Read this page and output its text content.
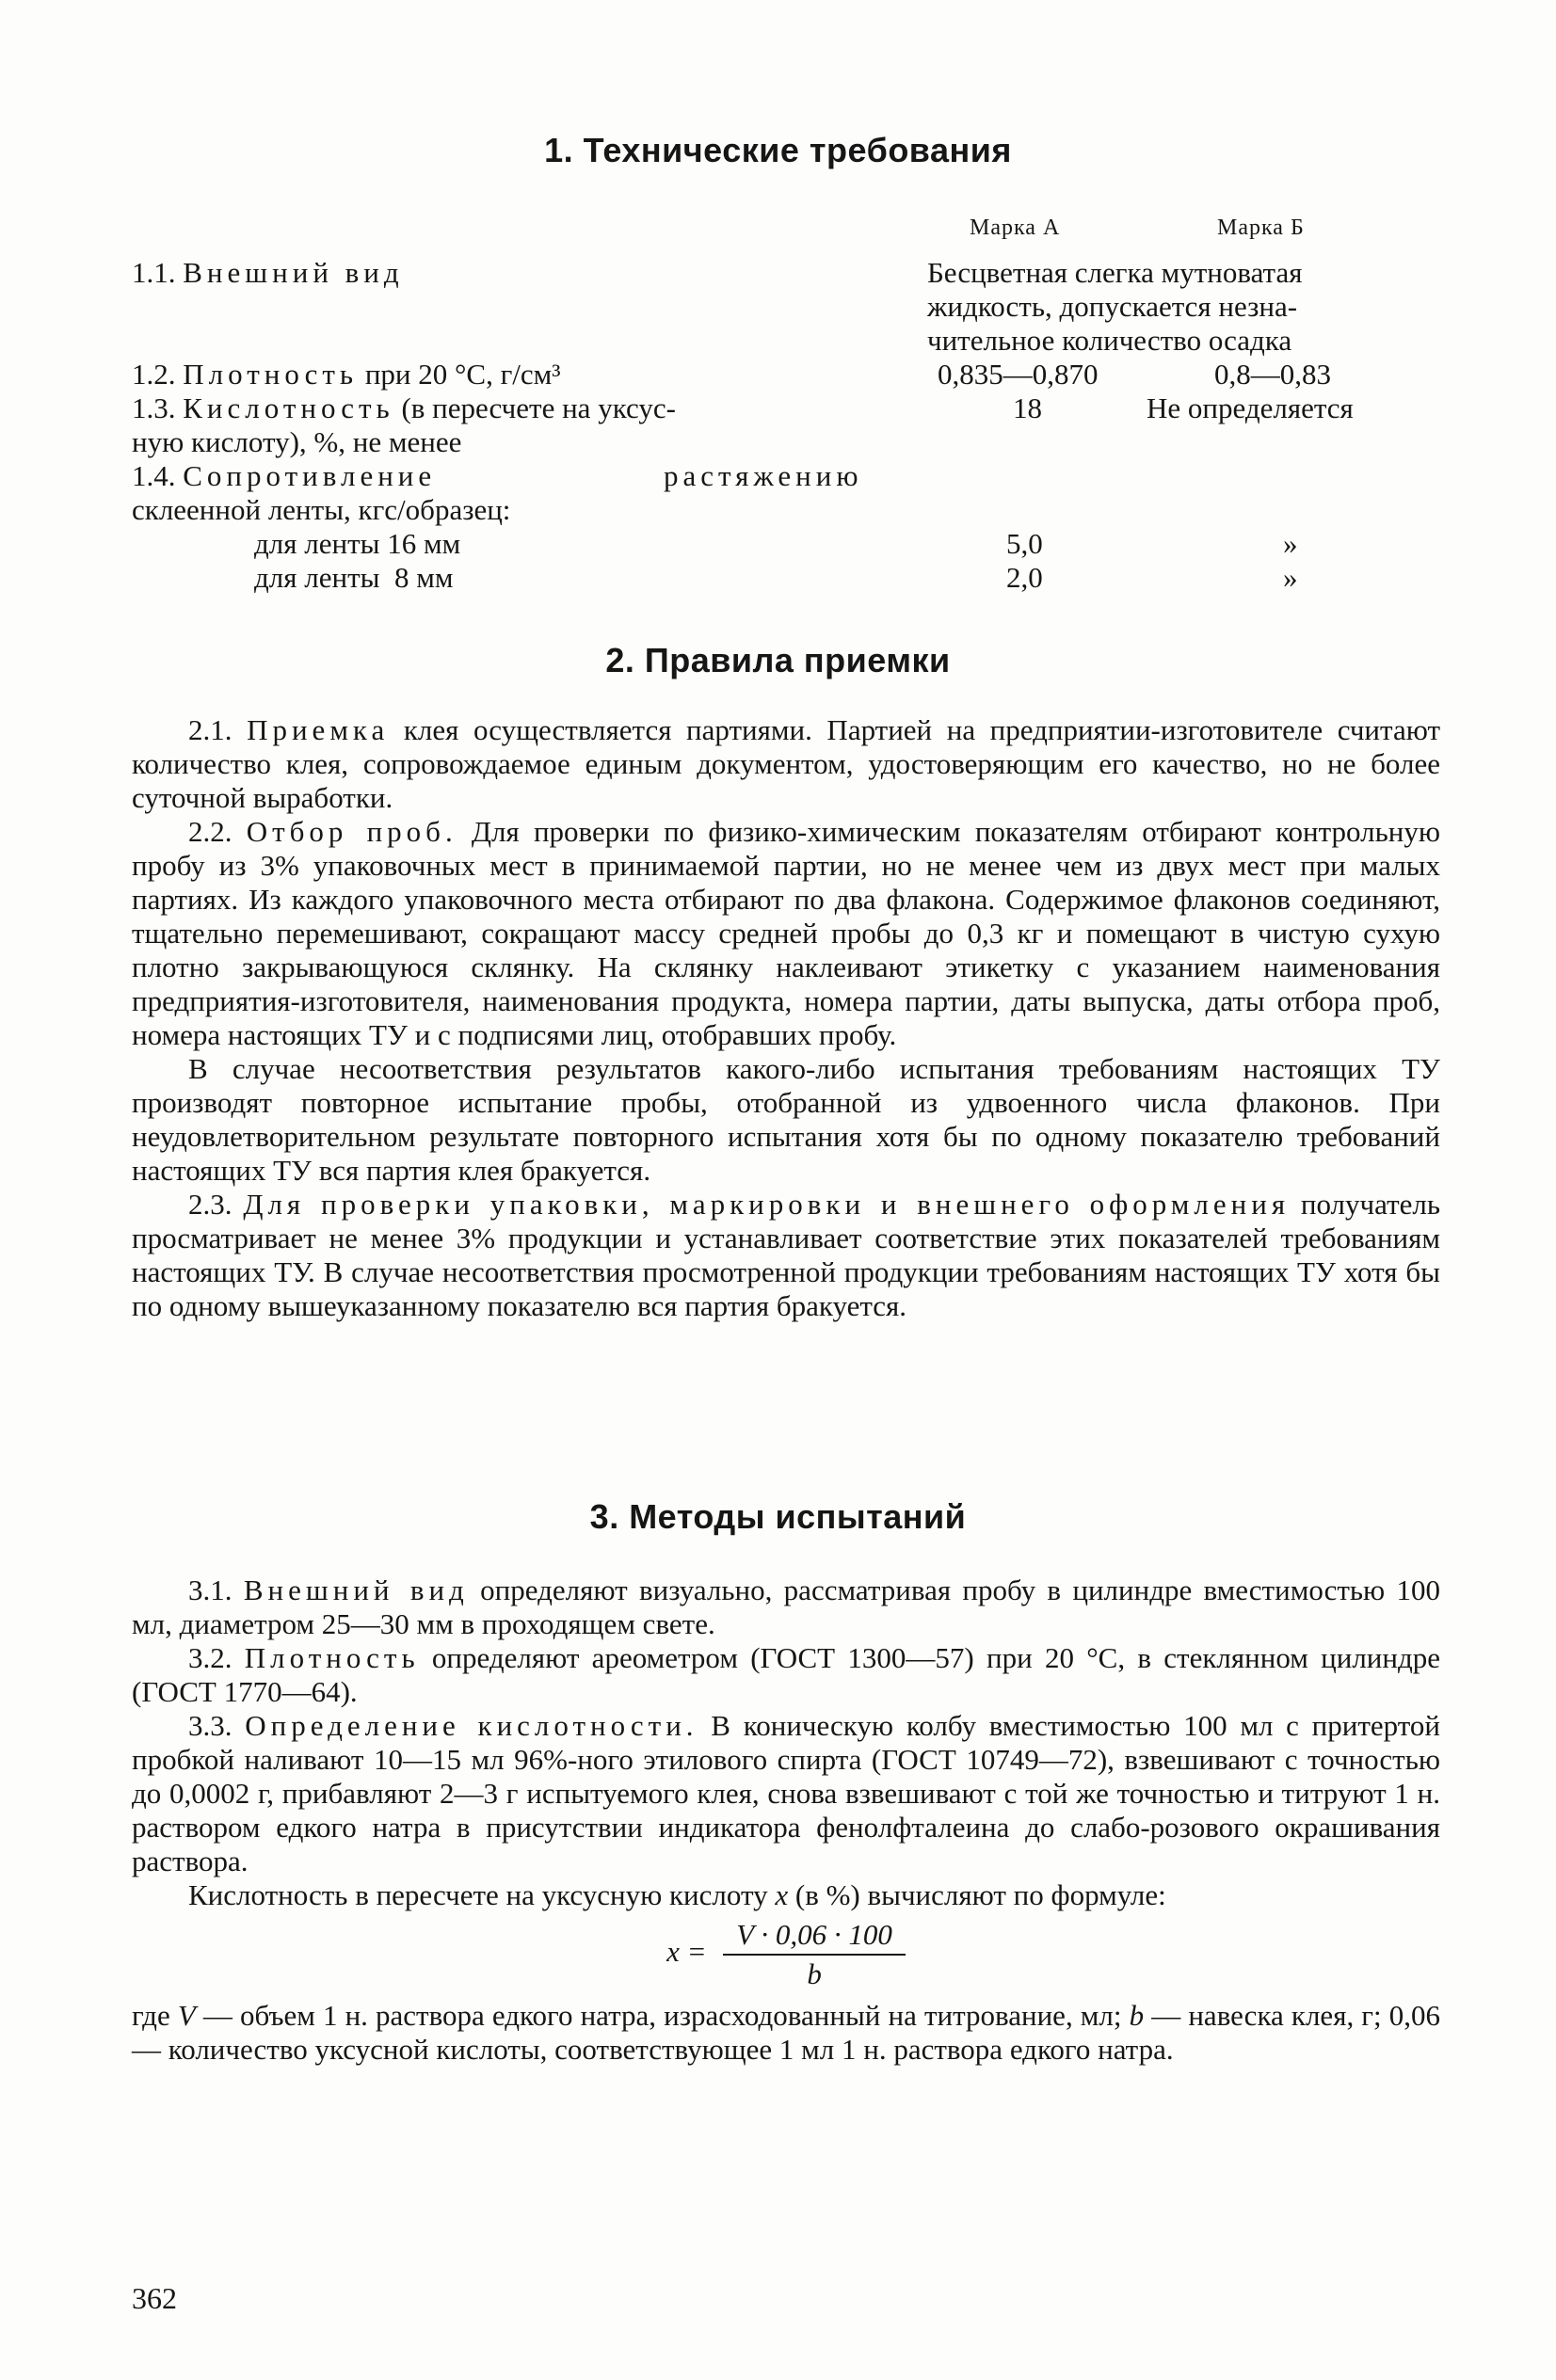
1. Технические требования
Марка А	Марка Б
1.1. Внешний вид	Бесцветная слегка мутноватая
жидкость, допускается незна-
чительное количество осадка
1.2. Плотность при 20 °С, г/см³	0,835—0,870	0,8—0,83
1.3. Кислотность (в пересчете на уксус-
ную кислоту), %, не менее
18	Не определяется
1.4. Сопротивление	растяжению
склеенной ленты, кгс/образец:
для ленты 16 мм	5,0	»
для ленты  8 мм	2,0	»
2. Правила приемки

2.1. Приемка клея осуществляется партиями. Партией на предприятии-изготовителе считают количество клея, сопровождаемое единым документом, удостоверяющим его качество, но не более суточной выработки.

2.2. Отбор проб. Для проверки по физико-химическим показателям отбирают контрольную пробу из 3% упаковочных мест в принимаемой партии, но не менее чем из двух мест при малых партиях. Из каждого упаковочного места отбирают по два флакона. Содержимое флаконов соединяют, тщательно перемешивают, сокращают массу средней пробы до 0,3 кг и помещают в чистую сухую плотно закрывающуюся склянку. На склянку наклеивают этикетку с указанием наименования предприятия-изготовителя, наименования продукта, номера партии, даты выпуска, даты отбора проб, номера настоящих ТУ и с подписями лиц, отобравших пробу.

В случае несоответствия результатов какого-либо испытания требованиям настоящих ТУ производят повторное испытание пробы, отобранной из удвоенного числа флаконов. При неудовлетворительном результате повторного испытания хотя бы по одному показателю требований настоящих ТУ вся партия клея бракуется.

2.3. Для проверки упаковки, маркировки и внешнего оформления получатель просматривает не менее 3% продукции и устанавливает соответствие этих показателей требованиям настоящих ТУ. В случае несоответствия просмотренной продукции требованиям настоящих ТУ хотя бы по одному вышеуказанному показателю вся партия бракуется.

3. Методы испытаний

3.1. Внешний вид определяют визуально, рассматривая пробу в цилиндре вместимостью 100 мл, диаметром 25—30 мм в проходящем свете.

3.2. Плотность определяют ареометром (ГОСТ 1300—57) при 20 °С, в стеклянном цилиндре (ГОСТ 1770—64).

3.3. Определение кислотности. В коническую колбу вместимостью 100 мл с притертой пробкой наливают 10—15 мл 96%-ного этилового спирта (ГОСТ 10749—72), взвешивают с точностью до 0,0002 г, прибавляют 2—3 г испытуемого клея, снова взвешивают с той же точностью и титруют 1 н. раствором едкого натра в присутствии индикатора фенолфталеина до слабо-розового окрашивания раствора.

Кислотность в пересчете на уксусную кислоту x (в %) вычисляют по формуле:

$x = \frac{V \cdot 0,06 \cdot 100}{b}$

где V — объем 1 н. раствора едкого натра, израсходованный на титрование, мл; b — навеска клея, г; 0,06 — количество уксусной кислоты, соответствующее 1 мл 1 н. раствора едкого натра.

362
